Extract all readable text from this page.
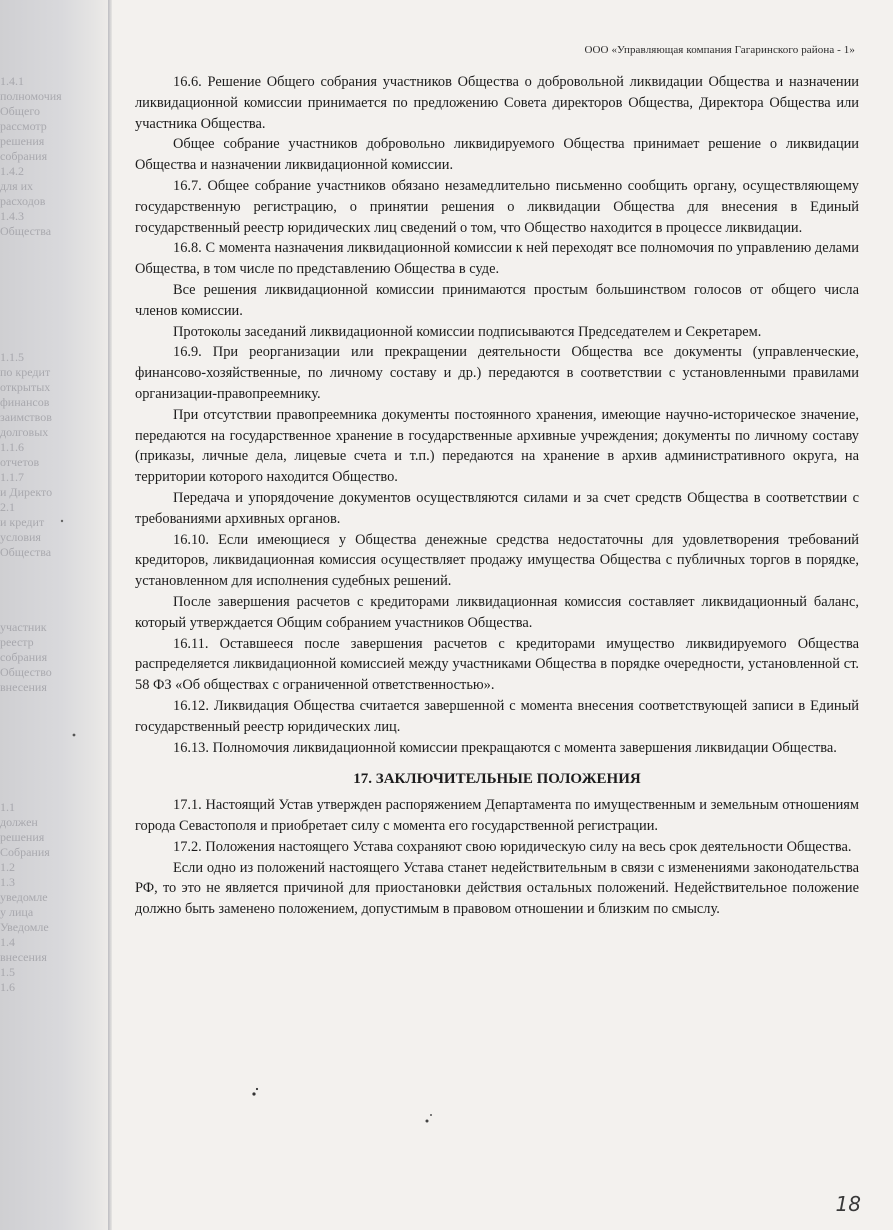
1.4.1
полномочия
Общего
рассмотр
решения
собрания
1.4.2
для их
расходов
1.4.3
Общества
1.1.5
по кредит
открытых
финансов
заимствов
долговых
1.1.6
отчетов
1.1.7
и Директо
2.1
и кредит
условия
Общества
участник
реестр
собрания
Общество
внесения
1.1
должен
решения
Собрания
1.2
1.3
уведомле
у лица
Уведомле
1.4
внесения
1.5
1.6
ООО «Управляющая компания Гагаринского района - 1»

16.6. Решение Общего собрания участников Общества о добровольной ликвидации Общества и назначении ликвидационной комиссии принимается по предложению Совета директоров Общества, Директора Общества или участника Общества.

Общее собрание участников добровольно ликвидируемого Общества принимает решение о ликвидации Общества и назначении ликвидационной комиссии.

16.7. Общее собрание участников обязано незамедлительно письменно сообщить органу, осуществляющему государственную регистрацию, о принятии решения о ликвидации Общества для внесения в Единый государственный реестр юридических лиц сведений о том, что Общество находится в процессе ликвидации.

16.8. С момента назначения ликвидационной комиссии к ней переходят все полномочия по управлению делами Общества, в том числе по представлению Общества в суде.

Все решения ликвидационной комиссии принимаются простым большинством голосов от общего числа членов комиссии.

Протоколы заседаний ликвидационной комиссии подписываются Председателем и Секретарем.

16.9. При реорганизации или прекращении деятельности Общества все документы (управленческие, финансово-хозяйственные, по личному составу и др.) передаются в соответствии с установленными правилами организации-правопреемнику.

При отсутствии правопреемника документы постоянного хранения, имеющие научно-историческое значение, передаются на государственное хранение в государственные архивные учреждения; документы по личному составу (приказы, личные дела, лицевые счета и т.п.) передаются на хранение в архив административного округа, на территории которого находится Общество.

Передача и упорядочение документов осуществляются силами и за счет средств Общества в соответствии с требованиями архивных органов.

16.10. Если имеющиеся у Общества денежные средства недостаточны для удовлетворения требований кредиторов, ликвидационная комиссия осуществляет продажу имущества Общества с публичных торгов в порядке, установленном для исполнения судебных решений.

После завершения расчетов с кредиторами ликвидационная комиссия составляет ликвидационный баланс, который утверждается Общим собранием участников Общества.

16.11. Оставшееся после завершения расчетов с кредиторами имущество ликвидируемого Общества распределяется ликвидационной комиссией между участниками Общества в порядке очередности, установленной ст. 58 ФЗ «Об обществах с ограниченной ответственностью».

16.12. Ликвидация Общества считается завершенной с момента внесения соответствующей записи в Единый государственный реестр юридических лиц.

16.13. Полномочия ликвидационной комиссии прекращаются с момента завершения ликвидации Общества.

17. ЗАКЛЮЧИТЕЛЬНЫЕ ПОЛОЖЕНИЯ

17.1. Настоящий Устав утвержден распоряжением Департамента по имущественным и земельным отношениям города Севастополя и приобретает силу с момента его государственной регистрации.

17.2. Положения настоящего Устава сохраняют свою юридическую силу на весь срок деятельности Общества.

Если одно из положений настоящего Устава станет недействительным в связи с изменениями законодательства РФ, то это не является причиной для приостановки действия остальных положений. Недействительное положение должно быть заменено положением, допустимым в правовом отношении и близким по смыслу.

18
